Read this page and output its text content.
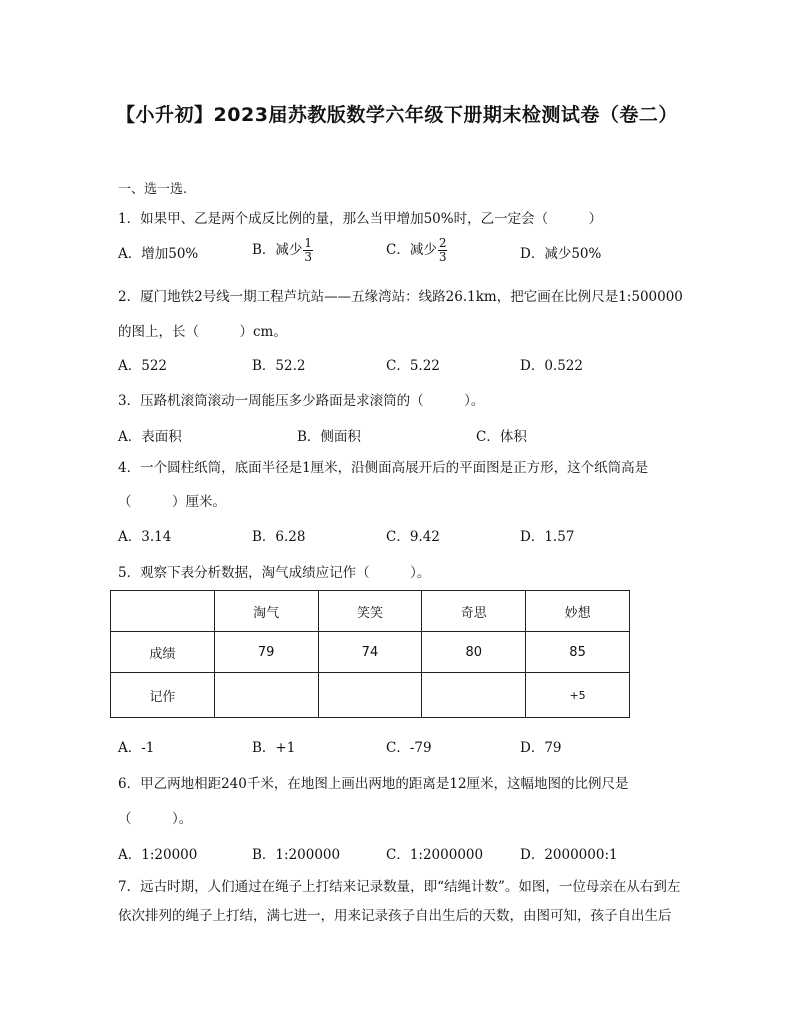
【小升初】2023届苏教版数学六年级下册期末检测试卷（卷二）
一、选一选.
1．如果甲、乙是两个成反比例的量，那么当甲增加50%时，乙一定会（　　　）
A．增加50%	B．减少 $\frac{1}{3}$	C．减少 $\frac{2}{3}$	D．减少50%
2．厦门地铁2号线一期工程芦坑站——五缘湾站：线路26.1km，把它画在比例尺是1:500000
的图上，长（　　　）cm。
A．522	B．52.2	C．5.22	D．0.522
3．压路机滚筒滚动一周能压多少路面是求滚筒的（　　　）。
A．表面积	B．侧面积	C．体积
4．一个圆柱纸筒，底面半径是1厘米，沿侧面高展开后的平面图是正方形，这个纸筒高是
（　　　）厘米。
A．3.14	B．6.28	C．9.42	D．1.57
5．观察下表分析数据，淘气成绩应记作（　　　）。
	淘气	笑笑	奇思	妙想
成绩	79	74	80	85
记作				+5
A．-1	B．+1	C．-79	D．79
6．甲乙两地相距240千米，在地图上画出两地的距离是12厘米，这幅地图的比例尺是
（　　　）。
A．1:20000	B．1:200000	C．1:2000000	D．2000000:1
7．远古时期，人们通过在绳子上打结来记录数量，即“结绳计数”。如图，一位母亲在从右到左
依次排列的绳子上打结，满七进一，用来记录孩子自出生后的天数，由图可知，孩子自出生后
